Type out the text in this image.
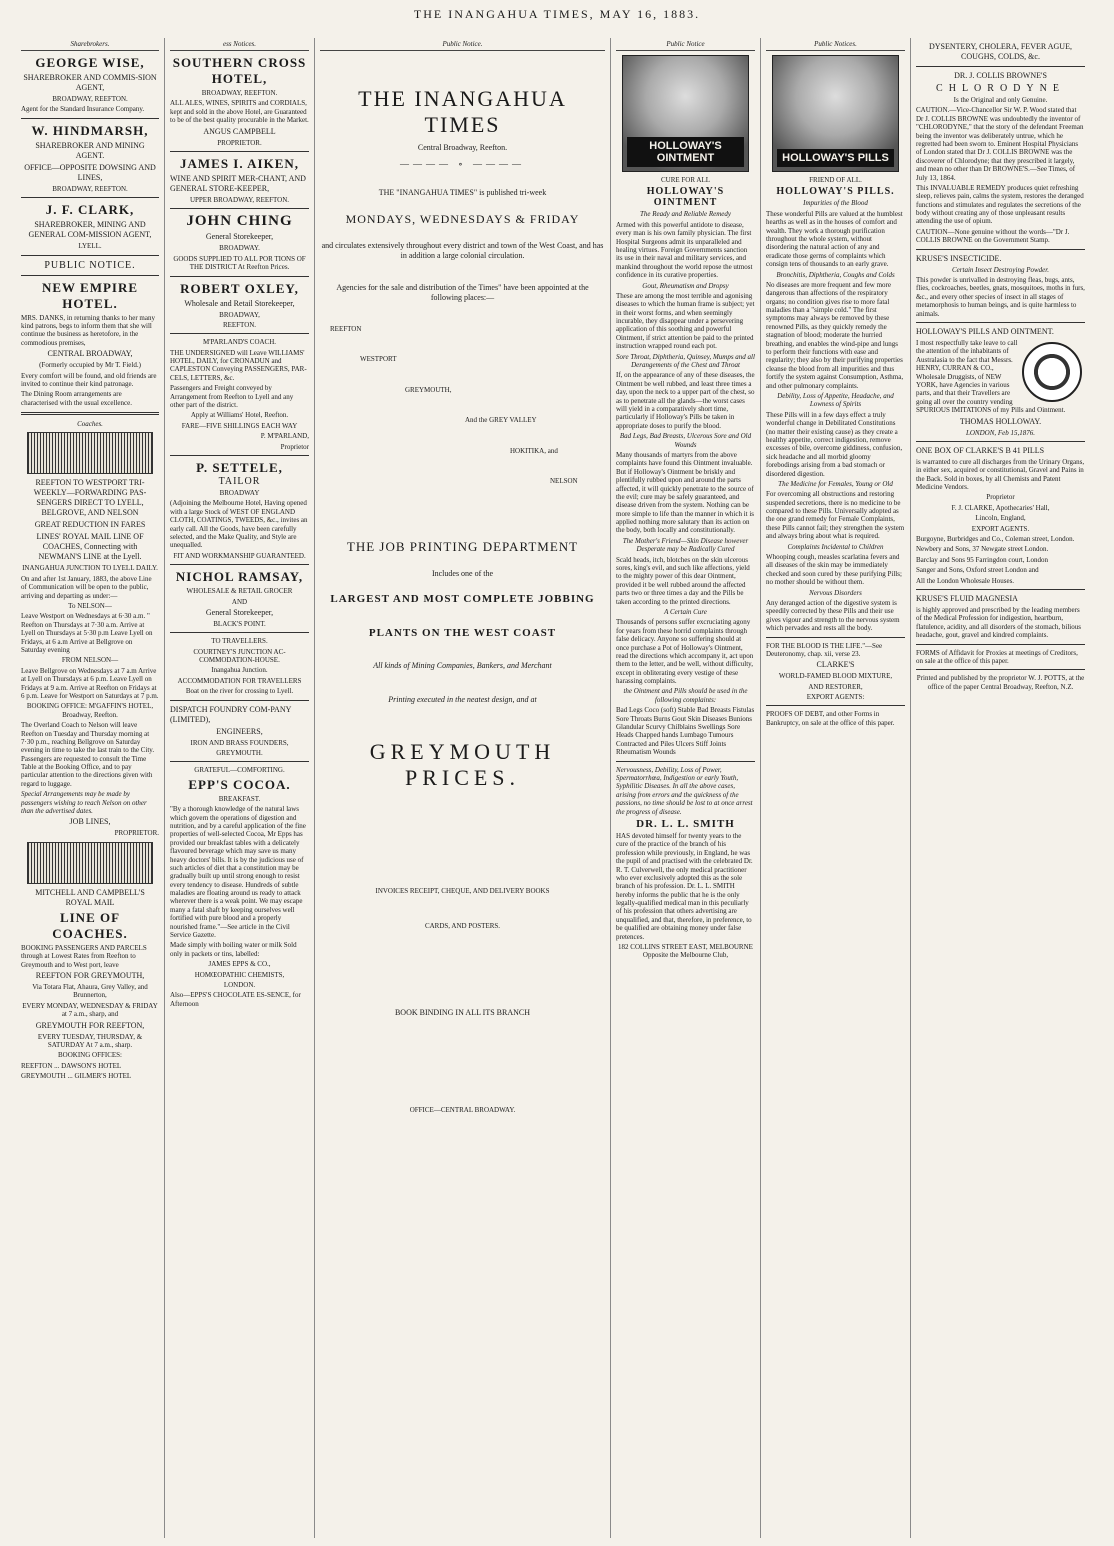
THE INANGAHUA TIMES, MAY 16, 1883.
Sharebrokers.
GEORGE WISE,

SHAREBROKER AND COMMIS-SION AGENT,

BROADWAY, REEFTON.

Agent for the Standard Insurance Company.

W. HINDMARSH,

SHAREBROKER AND MINING AGENT.

OFFICE—OPPOSITE DOWSING AND LINES,

BROADWAY, REEFTON.

J. F. CLARK,

SHAREBROKER, MINING AND GENERAL COM-MISSION AGENT,

LYELL.

PUBLIC NOTICE.
NEW EMPIRE HOTEL.

MRS. DANKS, in returning thanks to her many kind patrons, begs to inform them that she will continue the business as heretofore, in the commodious premises,

CENTRAL BROADWAY,

(Formerly occupied by Mr T. Field.)

Every comfort will be found, and old friends are invited to continue their kind patronage.

The Dining Room arrangements are characterised with the usual excellence.

Coaches.

REEFTON TO WESTPORT TRI-WEEKLY—FORWARDING PAS-SENGERS DIRECT TO LYELL, BELGROVE, AND NELSON

GREAT REDUCTION IN FARES

LINES' ROYAL MAIL LINE OF COACHES, Connecting with NEWMAN'S LINE at the Lyell.

INANGAHUA JUNCTION TO LYELL DAILY.

On and after 1st January, 1883, the above Line of Communication will be open to the public, arriving and departing as under:—

To NELSON—

Leave Westport on Wednesdays at 6·30 a.m. " Reefton on Thursdays at 7·30 a.m. Arrive at Lyell on Thursdays at 5·30 p.m Leave Lyell on Fridays, at 6 a.m Arrive at Bellgrove on Saturday evening

FROM NELSON—

Leave Bellgrove on Wednesdays at 7 a.m Arrive at Lyell on Thursdays at 6 p.m. Leave Lyell on Fridays at 9 a.m. Arrive at Reefton on Fridays at 6 p.m. Leave for Westport on Saturdays at 7 p.m.

BOOKING OFFICE: M'GAFFIN'S HOTEL, Broadway, Reefton.

The Overland Coach to Nelson will leave Reefton on Tuesday and Thursday morning at 7·30 p.m., reaching Bellgrove on Saturday evening in time to take the last train to the City. Passengers are requested to consult the Time Table at the Booking Office, and to pay particular attention to the directions given with regard to luggage.

Special Arrangements may be made by passengers wishing to reach Nelson on other than the advertised dates.

JOB LINES,

PROPRIETOR.

MITCHELL AND CAMPBELL'S ROYAL MAIL

LINE OF COACHES.

BOOKING PASSENGERS AND PARCELS through at Lowest Rates from Reefton to Greymouth and to West port, leave

REEFTON FOR GREYMOUTH,

Via Totara Flat, Ahaura, Grey Valley, and Brunnerton,

EVERY MONDAY, WEDNESDAY & FRIDAY at 7 a.m., sharp, and

GREYMOUTH FOR REEFTON,

EVERY TUESDAY, THURSDAY, & SATURDAY At 7 a.m., sharp.

BOOKING OFFICES:

REEFTON ... DAWSON'S HOTEL

GREYMOUTH ... GILMER'S HOTEL

ess Notices.
SOUTHERN CROSS HOTEL,

BROADWAY, REEFTON.

ALL ALES, WINES, SPIRITS and CORDIALS, kept and sold in the above Hotel, are Guaranteed to be of the best quality procurable in the Market.

ANGUS CAMPBELL

PROPRIETOR.

JAMES I. AIKEN,

WINE AND SPIRIT MER-CHANT, AND GENERAL STORE-KEEPER,

UPPER BROADWAY, REEFTON.

JOHN CHING

General Storekeeper,

BROADWAY.

GOODS SUPPLIED TO ALL POR TIONS OF THE DISTRICT At Reefton Prices.

ROBERT OXLEY,

Wholesale and Retail Storekeeper,

BROADWAY,

REEFTON.

M'PARLAND'S COACH.

THE UNDERSIGNED will Leave WILLIAMS' HOTEL, DAILY, for CRONADUN and CAPLESTON Conveying PASSENGERS, PAR-CELS, LETTERS, &c.

Passengers and Freight conveyed by Arrangement from Reefton to Lyell and any other part of the district.

Apply at Williams' Hotel, Reefton.

FARE—FIVE SHILLINGS EACH WAY

P. M'PARLAND,

Proprietor

P. SETTELE,
TAILOR

BROADWAY

(Adjoining the Melbourne Hotel, Having opened with a large Stock of WEST OF ENGLAND CLOTH, COATINGS, TWEEDS, &c., invites an early call. All the Goods, have been carefully selected, and the Make Quality, and Style are unequalled.

FIT AND WORKMANSHIP GUARANTEED.

NICHOL RAMSAY,

WHOLESALE & RETAIL GROCER

AND

General Storekeeper,

BLACK'S POINT.

TO TRAVELLERS.

COURTNEY'S JUNCTION AC-COMMODATION-HOUSE.

Inangahua Junction.

ACCOMMODATION FOR TRAVELLERS

Boat on the river for crossing to Lyell.

DISPATCH FOUNDRY COM-PANY (LIMITED),

ENGINEERS,

IRON AND BRASS FOUNDERS,

GREYMOUTH.

GRATEFUL—COMFORTING.

EPP'S COCOA.

BREAKFAST.

"By a thorough knowledge of the natural laws which govern the operations of digestion and nutrition, and by a careful application of the fine properties of well-selected Cocoa, Mr Epps has provided our breakfast tables with a delicately flavoured beverage which may save us many heavy doctors' bills. It is by the judicious use of such articles of diet that a constitution may be gradually built up until strong enough to resist every tendency to disease. Hundreds of subtle maladies are floating around us ready to attack wherever there is a weak point. We may escape many a fatal shaft by keeping ourselves well fortified with pure blood and a properly nourished frame."—See article in the Civil Service Gazette.

Made simply with boiling water or milk Sold only in packets or tins, labelled:

JAMES EPPS & CO.,

HOMŒOPATHIC CHEMISTS,

LONDON.

Also—EPPS'S CHOCOLATE ES-SENCE, for Afternoon

Public Notice.
THE INANGAHUA TIMES

Central Broadway, Reefton.

———— ∘ ————

THE "INANGAHUA TIMES" is published tri-week

MONDAYS, WEDNESDAYS & FRIDAY

and circulates extensively throughout every district and town of the West Coast, and has in addition a large colonial circulation.

Agencies for the sale and distribution of the Times" have been appointed at the following places:—

REEFTON

WESTPORT

GREYMOUTH,

And the GREY VALLEY

HOKITIKA, and

NELSON

THE JOB PRINTING DEPARTMENT

Includes one of the

LARGEST AND MOST COMPLETE JOBBING

PLANTS ON THE WEST COAST

All kinds of Mining Companies, Bankers, and Merchant

Printing executed in the neatest design, and at

GREYMOUTH PRICES.

INVOICES RECEIPT, CHEQUE, AND DELIVERY BOOKS

CARDS, AND POSTERS.

BOOK BINDING IN ALL ITS BRANCH

OFFICE—CENTRAL BROADWAY.

Public Notice
HOLLOWAY'S OINTMENT

CURE FOR ALL

HOLLOWAY'S OINTMENT

The Ready and Reliable Remedy

Armed with this powerful antidote to disease, every man is his own family physician. The first Hospital Surgeons admit its unparalleled and healing virtues. Foreign Governments sanction its use in their naval and military services, and mankind throughout the world repose the utmost confidence in its curative properties.

Gout, Rheumatism and Dropsy

These are among the most terrible and agonising diseases to which the human frame is subject; yet in their worst forms, and when seemingly incurable, they disappear under a persevering application of this soothing and powerful Ointment, if strict attention be paid to the printed instruction wrapped round each pot.

Sore Throat, Diphtheria, Quinsey, Mumps and all Derangements of the Chest and Throat

If, on the appearance of any of these diseases, the Ointment be well rubbed, and least three times a day, upon the neck to a upper part of the chest, so as to penetrate all the glands—the worst cases will yield in a comparatively short time, particularly if Holloway's Pills be taken in appropriate doses to purify the blood.

Bad Legs, Bad Breasts, Ulcerous Sore and Old Wounds

Many thousands of martyrs from the above complaints have found this Ointment invaluable. But if Holloway's Ointment be briskly and plentifully rubbed upon and around the parts affected, it will quickly penetrate to the source of the evil; cure may be safely guaranteed, and disease driven from the system. Nothing can be more simple to life than the manner in which it is applied nothing more salutary than its action on the body, both locally and constitutionally.

The Mother's Friend—Skin Disease however Desperate may be Radically Cured

Scald heads, itch, blotches on the skin ulcerous sores, king's evil, and such like affections, yield to the mighty power of this dear Ointment, provided it be well rubbed around the affected parts two or three times a day and the Pills be taken according to the printed directions.

A Certain Cure

Thousands of persons suffer excruciating agony for years from these horrid complaints through false delicacy. Anyone so suffering should at once purchase a Pot of Holloway's Ointment, read the directions which accompany it, act upon them to the letter, and be well, without difficulty, except in obliterating every vestige of these harassing complaints.

the Ointment and Pills should be used in the following complaints:

Bad Legs Coco (soft) Stable Bad Breasts Fistulas Sore Throats Burns Gout Skin Diseases Bunions Glandular Scurvy Chilblains Swellings Sore Heads Chapped hands Lumbago Tumours Contracted and Piles Ulcers Stiff Joints Rheumatism Wounds

Nervousness, Debility, Loss of Power, Spermatorrhœa, Indigestion or early Youth, Syphilitic Diseases. In all the above cases, arising from errors and the quickness of the passions, no time should be lost to at once arrest the progress of disease.

DR. L. L. SMITH

HAS devoted himself for twenty years to the cure of the practice of the branch of his profession while previously, in England, he was the pupil of and practised with the celebrated Dr. R. T. Culverwell, the only medical practitioner who ever exclusively adopted this as the sole branch of his profession. Dr. L. L. SMITH hereby informs the public that he is the only legally-qualified medical man in this peculiarly of his profession that others advertising are unqualified, and that, therefore, in preference, to be qualified are obtaining money under false pretences.

182 COLLINS STREET EAST, MELBOURNE Opposite the Melbourne Club,

Public Notices.
HOLLOWAY'S PILLS

FRIEND OF ALL.

HOLLOWAY'S PILLS.

Impurities of the Blood

These wonderful Pills are valued at the humblest hearths as well as in the houses of comfort and wealth. They work a thorough purification throughout the whole system, without disordering the natural action of any and eradicate those germs of complaints which consign tens of thousands to an early grave.

Bronchitis, Diphtheria, Coughs and Colds

No diseases are more frequent and few more dangerous than affections of the respiratory organs; no condition gives rise to more fatal maladies than a "simple cold." The first symptoms may always be removed by these renowned Pills, as they quickly remedy the stagnation of blood; moderate the hurried breathing, and enables the wind-pipe and lungs to perform their functions with ease and regularity; they also by their purifying properties cleanse the blood from all impurities and thus fortify the system against Consumption, Asthma, and other pulmonary complaints.

Debility, Loss of Appetite, Headache, and Lowness of Spirits

These Pills will in a few days effect a truly wonderful change in Debilitated Constitutions (no matter their existing cause) as they create a healthy appetite, correct indigestion, remove excesses of bile, overcome giddiness, confusion, sick headache and all morbid gloomy forebodings arising from a bad stomach or disordered digestion.

The Medicine for Females, Young or Old

For overcoming all obstructions and restoring suspended secretions, there is no medicine to be compared to these Pills. Universally adopted as the one grand remedy for Female Complaints, these Pills cannot fail; they strengthen the system and always bring about what is required.

Complaints Incidental to Children

Whooping cough, measles scarlatina fevers and all diseases of the skin may be immediately checked and soon cured by these purifying Pills; no mother should be without them.

Nervous Disorders

Any deranged action of the digestive system is speedily corrected by these Pills and their use gives vigour and strength to the nervous system which pervades and rests all the body.

FOR THE BLOOD IS THE LIFE."—See Deuteronomy, chap. xii, verse 23.

CLARKE'S

WORLD-FAMED BLOOD MIXTURE,

AND RESTORER,

EXPORT AGENTS:

PROOFS OF DEBT, and other Forms in Bankruptcy, on sale at the office of this paper.

DYSENTERY, CHOLERA, FEVER AGUE, COUGHS, COLDS, &c.

DR. J. COLLIS BROWNE'S

CHLORODYNE

Is the Original and only Genuine.

CAUTION.—Vice-Chancellor Sir W. P. Wood stated that Dr J. COLLIS BROWNE was undoubtedly the inventor of "CHLORODYNE," that the story of the defendant Freeman being the inventor was deliberately untrue, which he regretted had been sworn to. Eminent Hospital Physicians of London stated that Dr J. COLLIS BROWNE was the discoverer of Chlorodyne; that they prescribed it largely, and mean no other than Dr BROWNE'S.—See Times, of July 13, 1864.

This INVALUABLE REMEDY produces quiet refreshing sleep, relieves pain, calms the system, restores the deranged functions and stimulates and regulates the secretions of the body without creating any of those unpleasant results attending the use of opium.

CAUTION—None genuine without the words—"Dr J. COLLIS BROWNE on the Government Stamp.

KRUSE'S INSECTICIDE.

Certain Insect Destroying Powder.

This powder is unrivalled in destroying fleas, bugs, ants, flies, cockroaches, beetles, gnats, mosquitoes, moths in furs, &c., and every other species of insect in all stages of metamorphosis to human beings, and is quite harmless to animals.

HOLLOWAY'S PILLS AND OINTMENT.

I most respectfully take leave to call the attention of the inhabitants of Australasia to the fact that Messrs. HENRY, CURRAN & CO., Wholesale Druggists, of NEW YORK, have Agencies in various parts, and that their Travellers are going all over the country vending SPURIOUS IMITATIONS of my Pills and Ointment.

THOMAS HOLLOWAY.

LONDON, Feb 15,1876.

ONE BOX OF CLARKE'S B 41 PILLS

is warranted to cure all discharges from the Urinary Organs, in either sex, acquired or constitutional, Gravel and Pains in the Back. Sold in boxes, by all Chemists and Patent Medicine Vendors.

Proprietor

F. J. CLARKE, Apothecaries' Hall,

Lincoln, England,

EXPORT AGENTS.

Burgoyne, Burbridges and Co., Coleman street, London.

Newbery and Sons, 37 Newgate street London.

Barclay and Sons 95 Farringdon court, London

Sanger and Sons, Oxford street London and

All the London Wholesale Houses.

KRUSE'S FLUID MAGNESIA

is highly approved and prescribed by the leading members of the Medical Profession for indigestion, heartburn, flatulence, acidity, and all disorders of the stomach, bilious headache, gout, gravel and kindred complaints.

FORMS of Affidavit for Proxies at meetings of Creditors, on sale at the office of this paper.

Printed and published by the proprietor W. J. POTTS, at the office of the paper Central Broadway, Reefton, N.Z.
